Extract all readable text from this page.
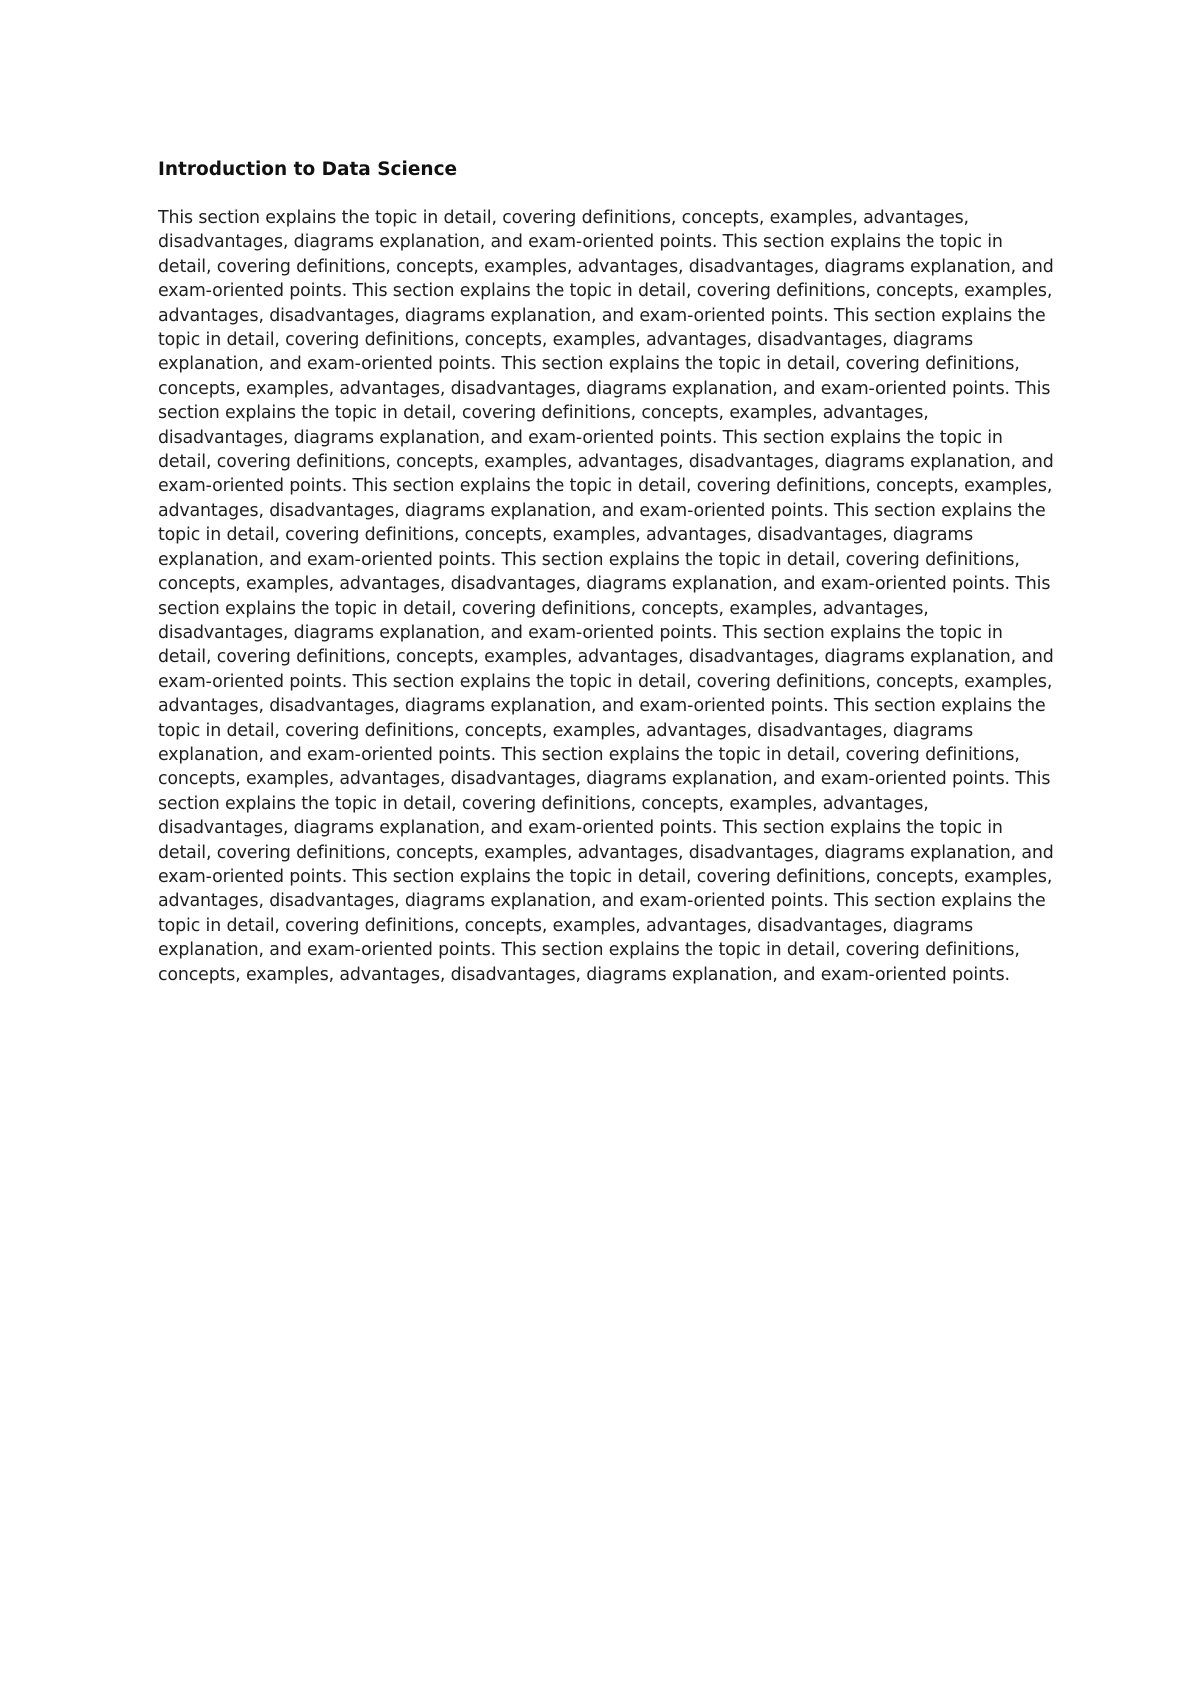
Introduction to Data Science

This section explains the topic in detail, covering definitions, concepts, examples, advantages, disadvantages, diagrams explanation, and exam-oriented points. This section explains the topic in detail, covering definitions, concepts, examples, advantages, disadvantages, diagrams explanation, and exam-oriented points. This section explains the topic in detail, covering definitions, concepts, examples, advantages, disadvantages, diagrams explanation, and exam-oriented points. This section explains the topic in detail, covering definitions, concepts, examples, advantages, disadvantages, diagrams explanation, and exam-oriented points. This section explains the topic in detail, covering definitions, concepts, examples, advantages, disadvantages, diagrams explanation, and exam-oriented points. This section explains the topic in detail, covering definitions, concepts, examples, advantages, disadvantages, diagrams explanation, and exam-oriented points. This section explains the topic in detail, covering definitions, concepts, examples, advantages, disadvantages, diagrams explanation, and exam-oriented points. This section explains the topic in detail, covering definitions, concepts, examples, advantages, disadvantages, diagrams explanation, and exam-oriented points. This section explains the topic in detail, covering definitions, concepts, examples, advantages, disadvantages, diagrams explanation, and exam-oriented points. This section explains the topic in detail, covering definitions, concepts, examples, advantages, disadvantages, diagrams explanation, and exam-oriented points. This section explains the topic in detail, covering definitions, concepts, examples, advantages, disadvantages, diagrams explanation, and exam-oriented points. This section explains the topic in detail, covering definitions, concepts, examples, advantages, disadvantages, diagrams explanation, and exam-oriented points. This section explains the topic in detail, covering definitions, concepts, examples, advantages, disadvantages, diagrams explanation, and exam-oriented points. This section explains the topic in detail, covering definitions, concepts, examples, advantages, disadvantages, diagrams explanation, and exam-oriented points. This section explains the topic in detail, covering definitions, concepts, examples, advantages, disadvantages, diagrams explanation, and exam-oriented points. This section explains the topic in detail, covering definitions, concepts, examples, advantages, disadvantages, diagrams explanation, and exam-oriented points. This section explains the topic in detail, covering definitions, concepts, examples, advantages, disadvantages, diagrams explanation, and exam-oriented points. This section explains the topic in detail, covering definitions, concepts, examples, advantages, disadvantages, diagrams explanation, and exam-oriented points. This section explains the topic in detail, covering definitions, concepts, examples, advantages, disadvantages, diagrams explanation, and exam-oriented points. This section explains the topic in detail, covering definitions, concepts, examples, advantages, disadvantages, diagrams explanation, and exam-oriented points.
